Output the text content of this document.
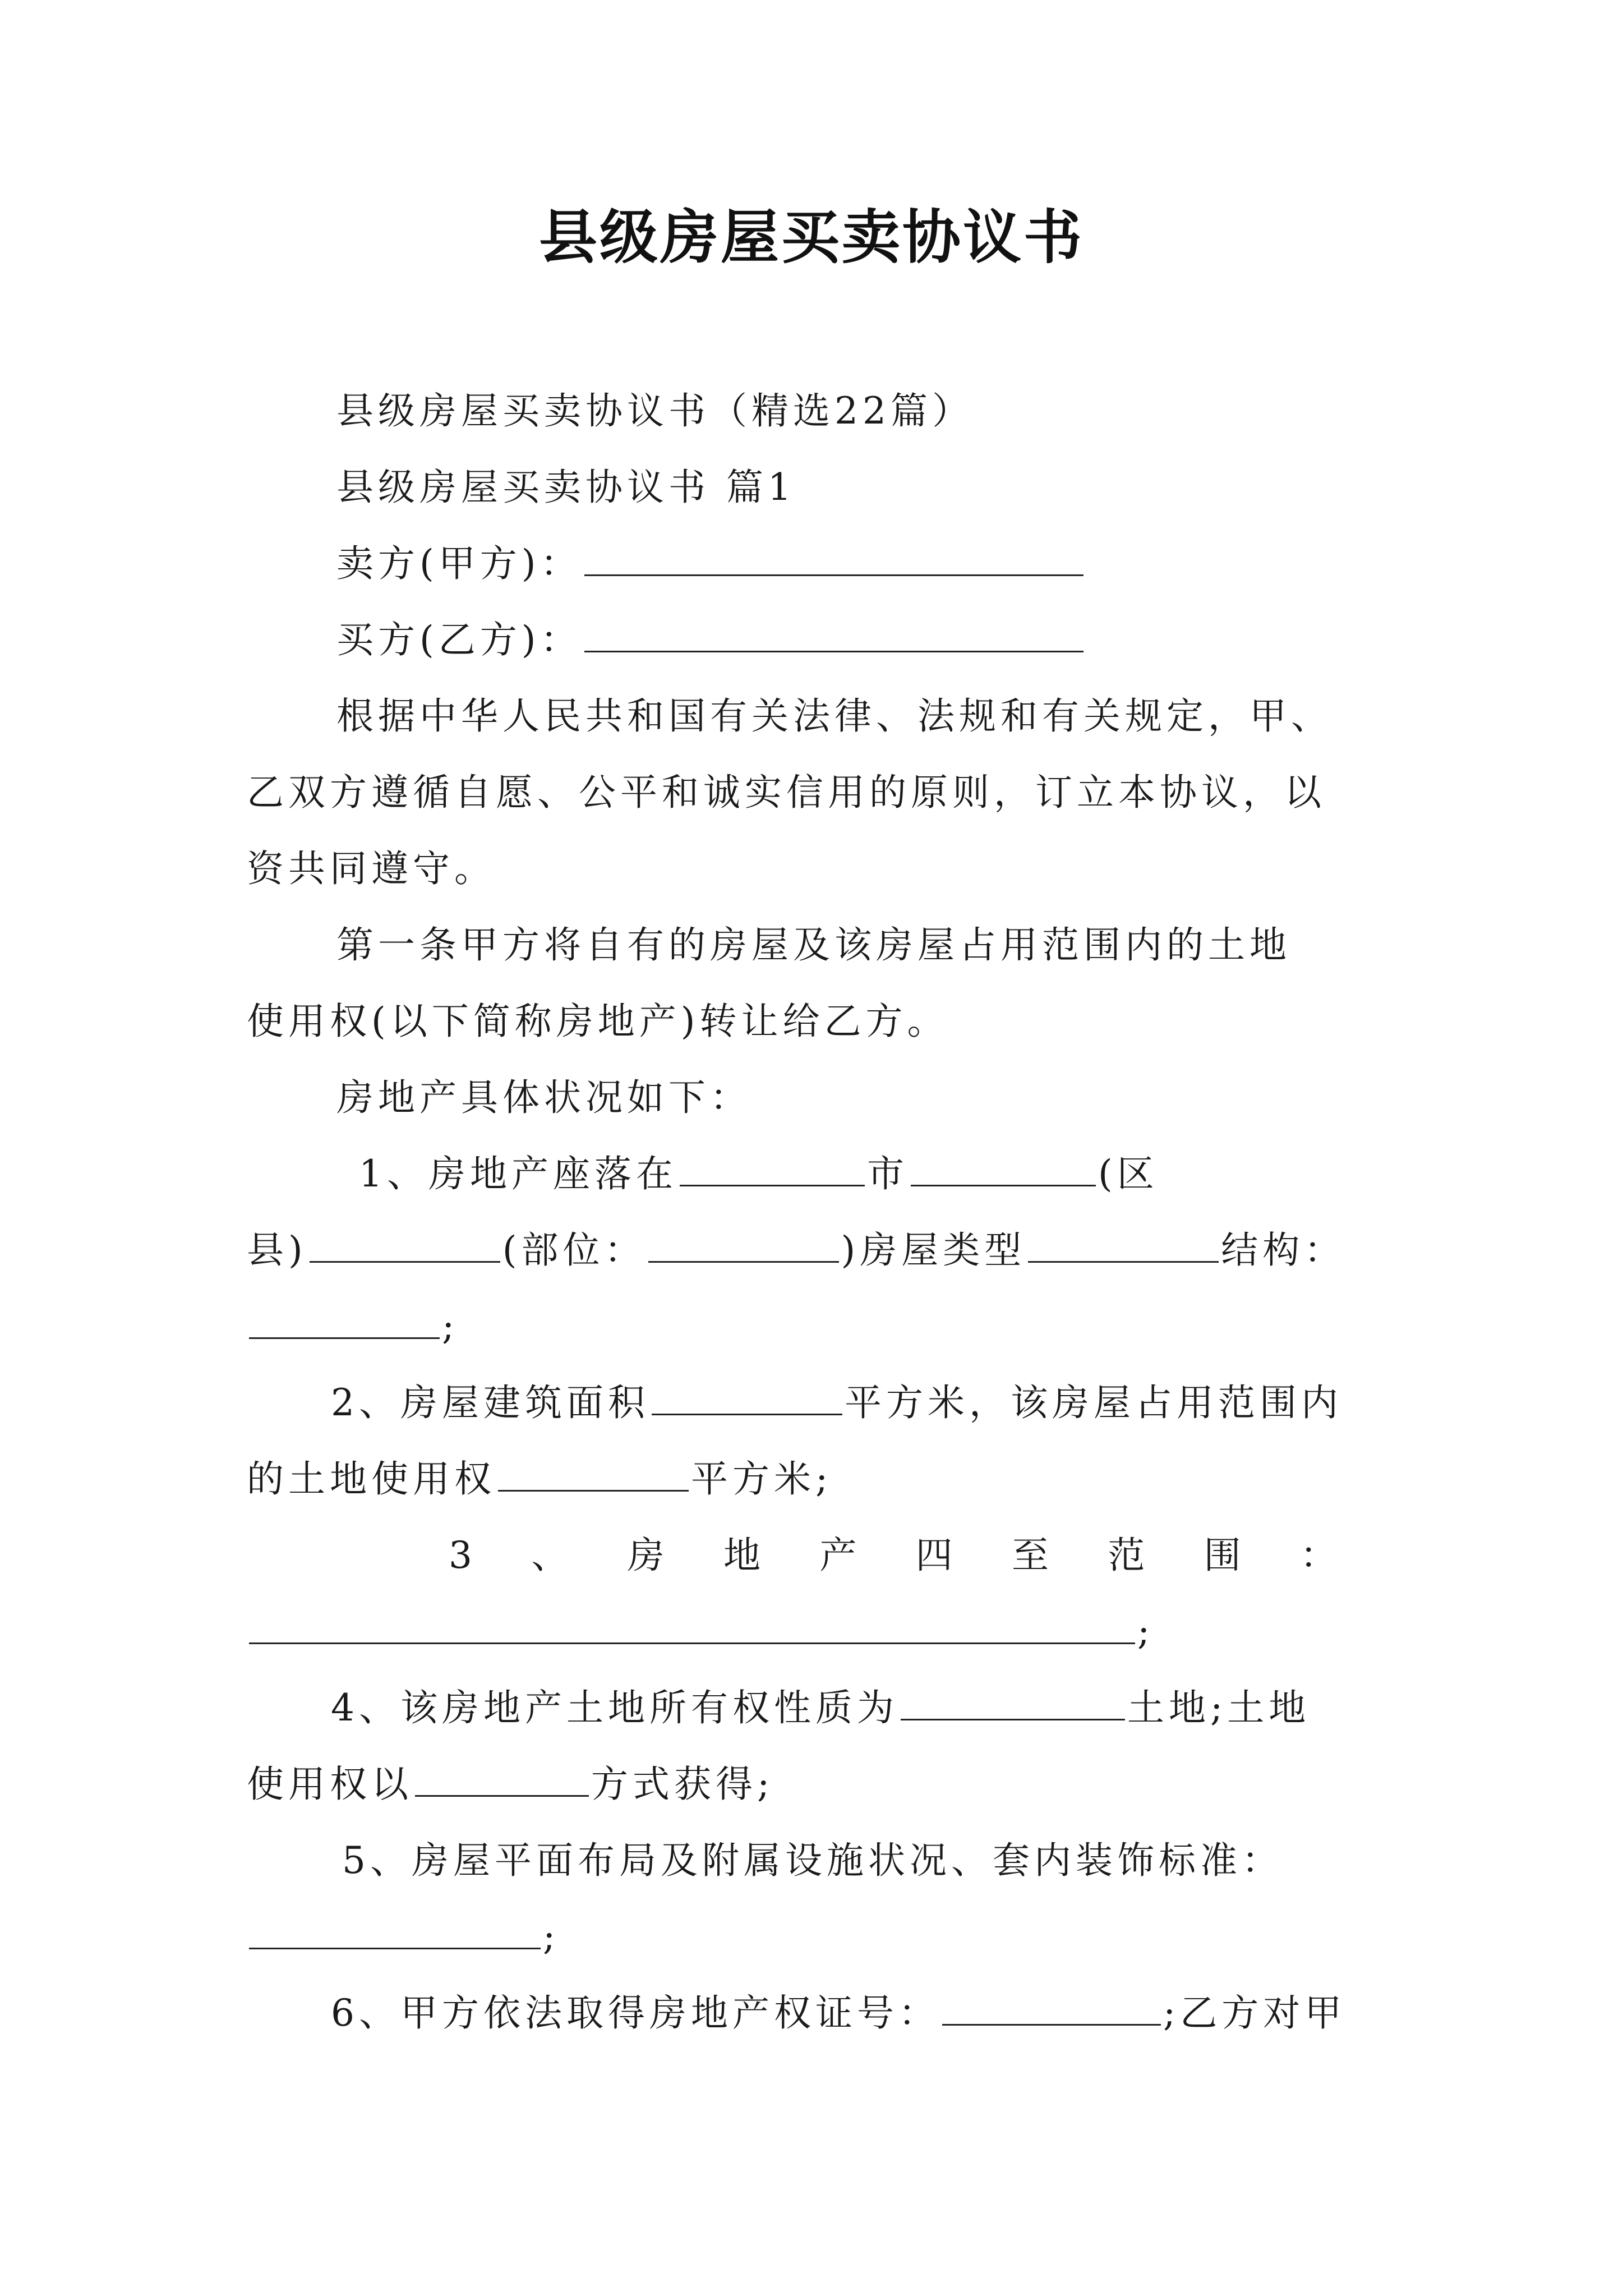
县级房屋买卖协议书

县级房屋买卖协议书（精选22篇）

县级房屋买卖协议书 篇1

卖方(甲方)：

买方(乙方)：

根据中华人民共和国有关法律、法规和有关规定，甲、
乙双方遵循自愿、公平和诚实信用的原则，订立本协议，以
资共同遵守。

第一条甲方将自有的房屋及该房屋占用范围内的土地
使用权(以下简称房地产)转让给乙方。

房地产具体状况如下：

1、房地产座落在	市	(区
县)	(部位：	)房屋类型	结构：
;

2、房屋建筑面积	平方米，该房屋占用范围内
的土地使用权	平方米;

3、房地产四至范围：
;

4、该房地产土地所有权性质为	土地;土地
使用权以	方式获得;

5、房屋平面布局及附属设施状况、套内装饰标准：
;

6、甲方依法取得房地产权证号：	;乙方对甲
